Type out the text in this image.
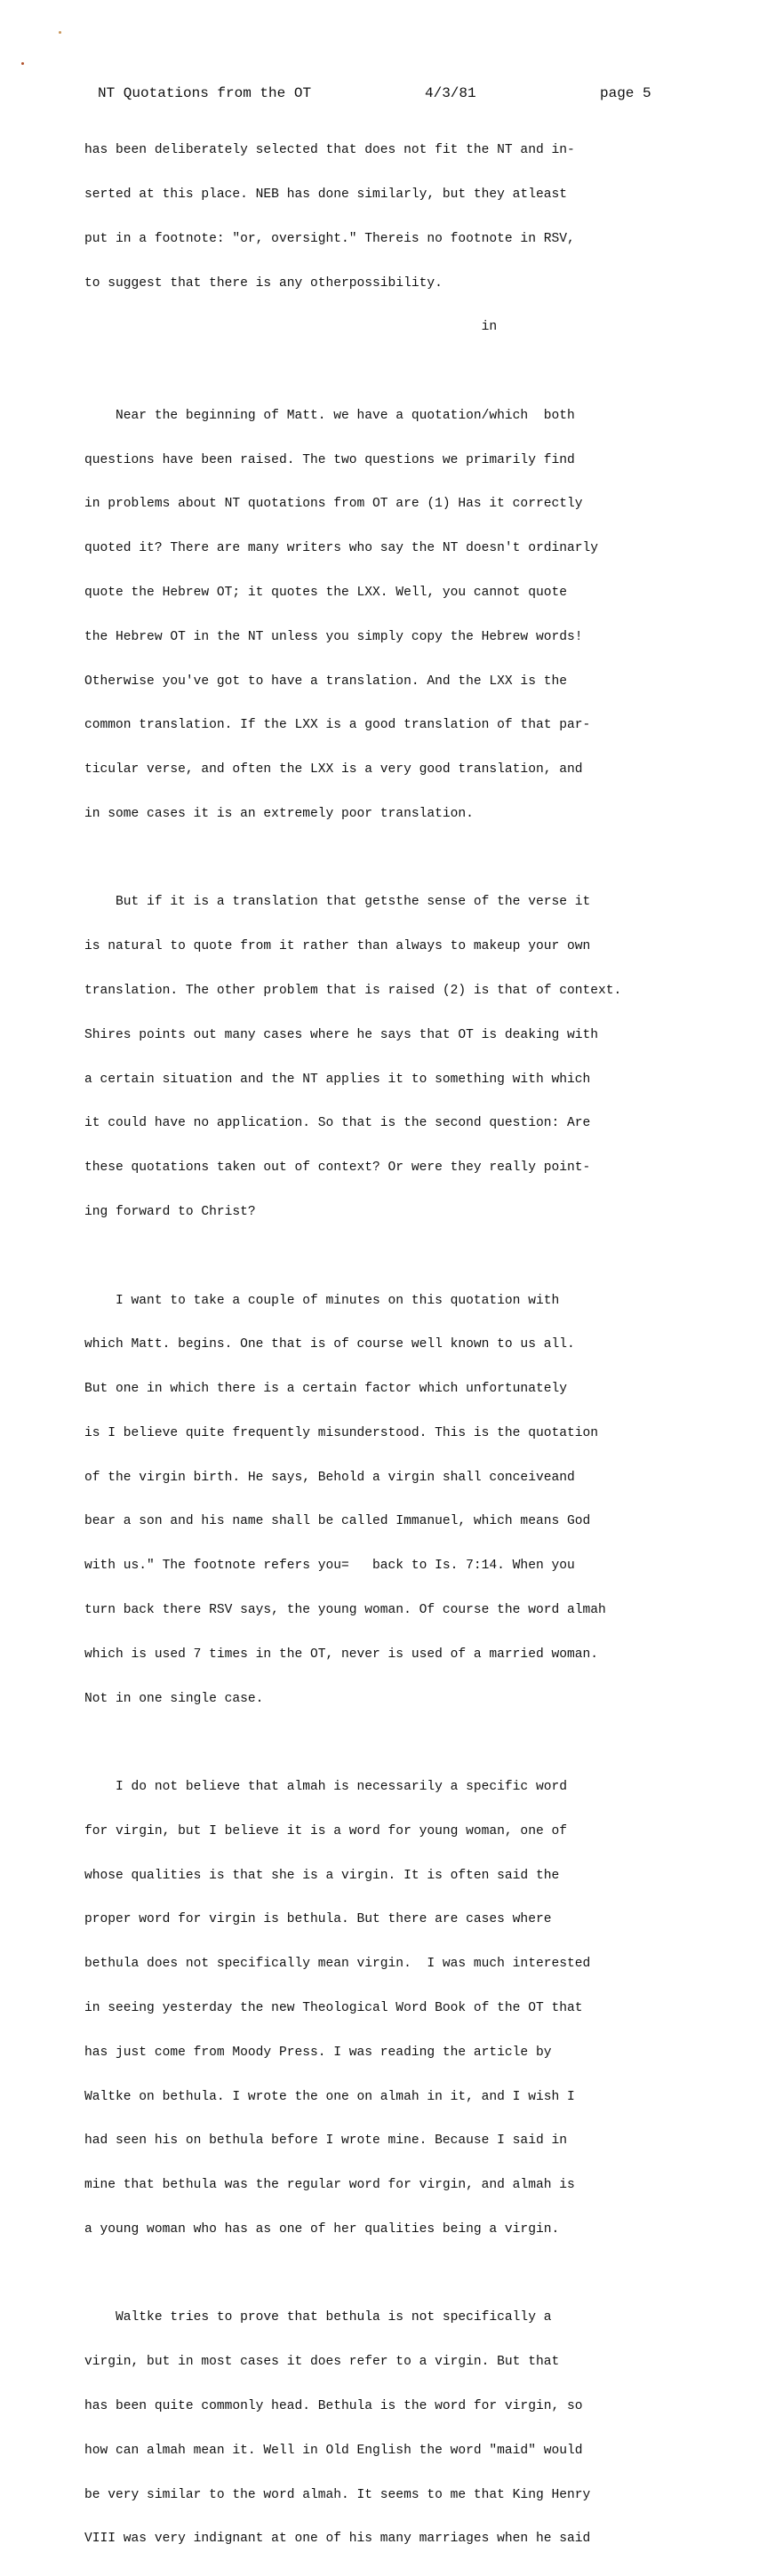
NT Quotations from the OT	4/3/81	page 5

has been deliberately selected that does not fit the NT and in-

serted at this place. NEB has done similarly, but they atleast

put in a footnote: "or, oversight." Thereis no footnote in RSV,

to suggest that there is any otherpossibility.

in

Near the beginning of Matt. we have a quotation/which  both

questions have been raised. The two questions we primarily find

in problems about NT quotations from OT are (1) Has it correctly

quoted it? There are many writers who say the NT doesn't ordinarly

quote the Hebrew OT; it quotes the LXX. Well, you cannot quote

the Hebrew OT in the NT unless you simply copy the Hebrew words!

Otherwise you've got to have a translation. And the LXX is the

common translation. If the LXX is a good translation of that par-

ticular verse, and often the LXX is a very good translation, and

in some cases it is an extremely poor translation.

But if it is a translation that getsthe sense of the verse it

is natural to quote from it rather than always to makeup your own

translation. The other problem that is raised (2) is that of context.

Shires points out many cases where he says that OT is deaking with

a certain situation and the NT applies it to something with which

it could have no application. So that is the second question: Are

these quotations taken out of context? Or were they really point-

ing forward to Christ?

I want to take a couple of minutes on this quotation with

which Matt. begins. One that is of course well known to us all.

But one in which there is a certain factor which unfortunately

is I believe quite frequently misunderstood. This is the quotation

of the virgin birth. He says, Behold a virgin shall conceiveand

bear a son and his name shall be called Immanuel, which means God

with us." The footnote refers you=   back to Is. 7:14. When you

turn back there RSV says, the young woman. Of course the word almah

which is used 7 times in the OT, never is used of a married woman.

Not in one single case.

I do not believe that almah is necessarily a specific word

for virgin, but I believe it is a word for young woman, one of

whose qualities is that she is a virgin. It is often said the

proper word for virgin is bethula. But there are cases where

bethula does not specifically mean virgin.  I was much interested

in seeing yesterday the new Theological Word Book of the OT that

has just come from Moody Press. I was reading the article by

Waltke on bethula. I wrote the one on almah in it, and I wish I

had seen his on bethula before I wrote mine. Because I said in

mine that bethula was the regular word for virgin, and almah is

a young woman who has as one of her qualities being a virgin.

Waltke tries to prove that bethula is not specifically a

virgin, but in most cases it does refer to a virgin. But that

has been quite commonly head. Bethula is the word for virgin, so

how can almah mean it. Well in Old English the word "maid" would

be very similar to the word almah. It seems to me that King Henry

VIII was very indignant at one of his many marriages when he said
